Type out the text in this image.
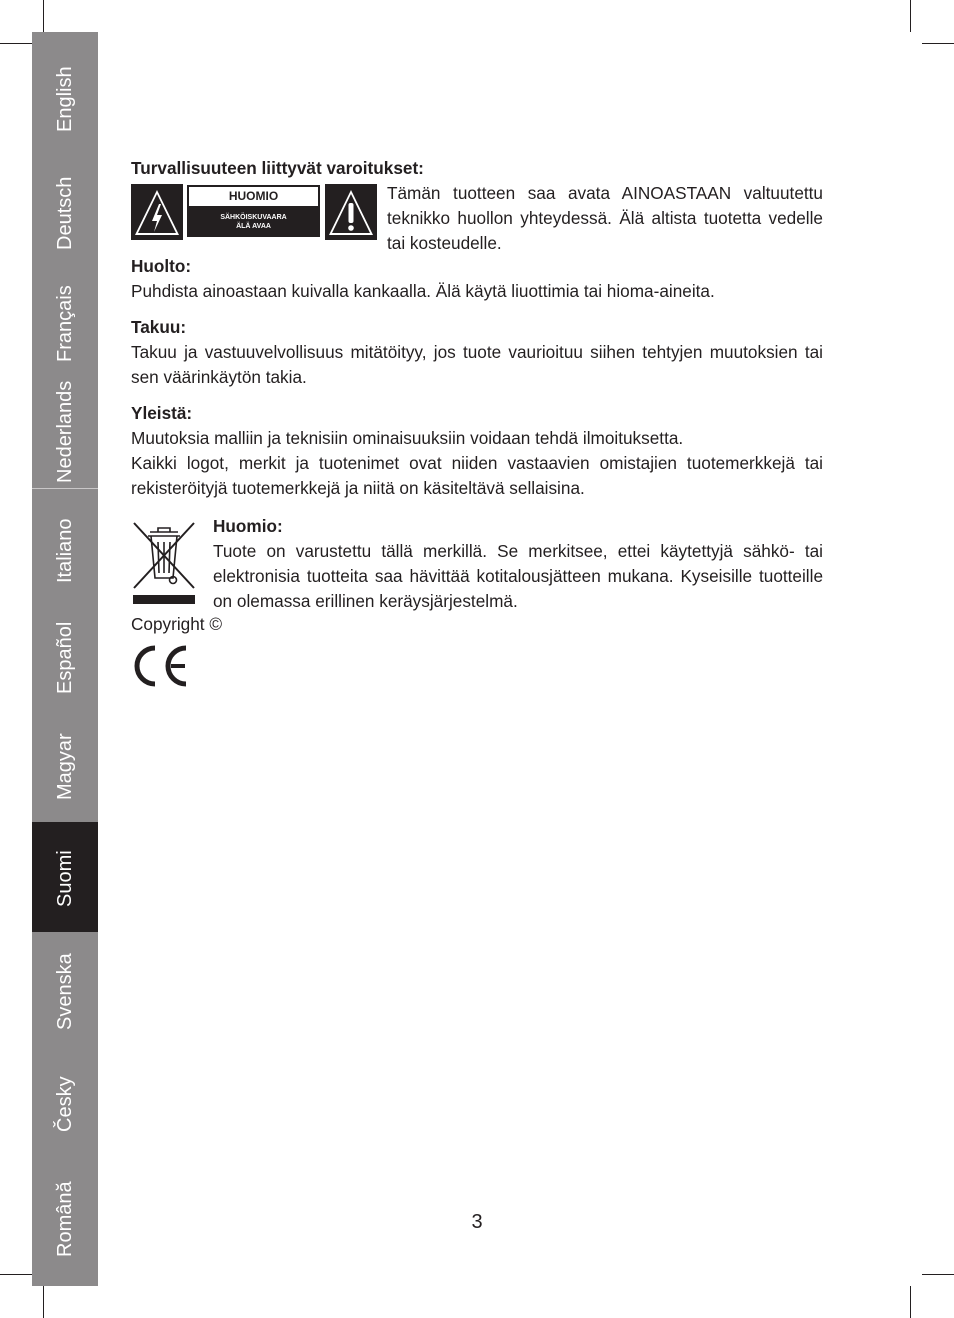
English
Deutsch
Français
Nederlands
Italiano
Español
Magyar
Suomi
Svenska
Česky
Română
Turvallisuuteen liittyvät varoitukset:
HUOMIO
SÄHKÖISKUVAARA
ÄLÄ AVAA

Tämän tuotteen saa avata AINOASTAAN valtuutettu teknikko huollon yhteydessä. Älä altista tuotetta vedelle tai kosteudelle.

Huolto:

Puhdista ainoastaan kuivalla kankaalla. Älä käytä liuottimia tai hioma-aineita.

Takuu:

Takuu ja vastuuvelvollisuus mitätöityy, jos tuote vaurioituu siihen tehtyjen muutoksien tai sen väärinkäytön takia.

Yleistä:

Muutoksia malliin ja teknisiin ominaisuuksiin voidaan tehdä ilmoituksetta.

Kaikki logot, merkit ja tuotenimet ovat niiden vastaavien omistajien tuotemerkkejä tai rekisteröityjä tuotemerkkejä ja niitä on käsiteltävä sellaisina.

Huomio:

Tuote on varustettu tällä merkillä. Se merkitsee, ettei käytettyjä sähkö- tai elektronisia tuotteita saa hävittää kotitalousjätteen mukana. Kyseisille tuotteille on olemassa erillinen keräysjärjestelmä.

Copyright ©

3
